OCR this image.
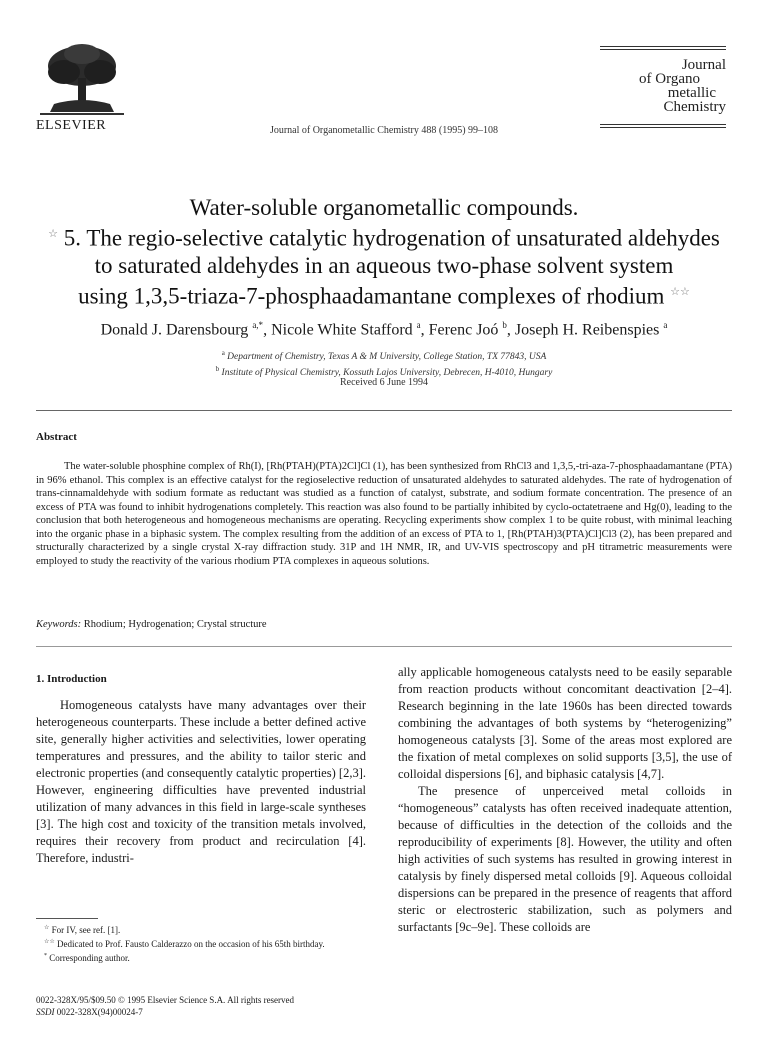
ELSEVIER	Journal of Organometallic Chemistry 488 (1995) 99–108
Journal
of Organo
metallic
Chemistry
Water-soluble organometallic compounds.
☆ 5. The regio-selective catalytic hydrogenation of unsaturated aldehydes
to saturated aldehydes in an aqueous two-phase solvent system
using 1,3,5-triaza-7-phosphaadamantane complexes of rhodium ☆☆
Donald J. Darensbourg $^{a,*}$, Nicole White Stafford $^a$, Ferenc Joó $^b$, Joseph H. Reibenspies $^a$
$^a$ Department of Chemistry, Texas A & M University, College Station, TX 77843, USA
$^b$ Institute of Physical Chemistry, Kossuth Lajos University, Debrecen, H-4010, Hungary
Received 6 June 1994
Abstract
The water-soluble phosphine complex of Rh(I), [Rh(PTAH)(PTA)2Cl]Cl (1), has been synthesized from RhCl3 and 1,3,5,-tri-aza-7-phosphaadamantane (PTA) in 96% ethanol. This complex is an effective catalyst for the regioselective reduction of unsaturated aldehydes to saturated aldehydes. The rate of hydrogenation of trans-cinnamaldehyde with sodium formate as reductant was studied as a function of catalyst, substrate, and sodium formate concentration. The presence of an excess of PTA was found to inhibit hydrogenations completely. This reaction was also found to be partially inhibited by cyclo-octatetraene and Hg(0), leading to the conclusion that both heterogeneous and homogeneous mechanisms are operating. Recycling experiments show complex 1 to be quite robust, with minimal leaching into the organic phase in a biphasic system. The complex resulting from the addition of an excess of PTA to 1, [Rh(PTAH)3(PTA)Cl]Cl3 (2), has been prepared and structurally characterized by a single crystal X-ray diffraction study. 31P and 1H NMR, IR, and UV-VIS spectroscopy and pH titrametric measurements were employed to study the reactivity of the various rhodium PTA complexes in aqueous solutions.
Keywords: Rhodium; Hydrogenation; Crystal structure
1. Introduction
Homogeneous catalysts have many advantages over their heterogeneous counterparts. These include a better defined active site, generally higher activities and selectivities, lower operating temperatures and pressures, and the ability to tailor steric and electronic properties (and consequently catalytic properties) [2,3]. However, engineering difficulties have prevented industrial utilization of many advances in this field in large-scale syntheses [3]. The high cost and toxicity of the transition metals involved, requires their recovery from product and recirculation [4]. Therefore, industri-

ally applicable homogeneous catalysts need to be easily separable from reaction products without concomitant deactivation [2–4]. Research beginning in the late 1960s has been directed towards combining the advantages of both systems by “heterogenizing” homogeneous catalysts [3]. Some of the areas most explored are the fixation of metal complexes on solid supports [3,5], the use of colloidal dispersions [6], and biphasic catalysis [4,7].

The presence of unperceived metal colloids in “homogeneous” catalysts has often received inadequate attention, because of difficulties in the detection of the colloids and the reproducibility of experiments [8]. However, the utility and often high activities of such systems has resulted in growing interest in catalysis by finely dispersed metal colloids [9]. Aqueous colloidal dispersions can be prepared in the presence of reagents that afford steric or electrosteric stabilization, such as polymers and surfactants [9c–9e]. These colloids are

☆ For IV, see ref. [1].
☆☆ Dedicated to Prof. Fausto Calderazzo on the occasion of his 65th birthday.
* Corresponding author.
0022-328X/95/$09.50 © 1995 Elsevier Science S.A. All rights reserved
SSDI 0022-328X(94)00024-7
